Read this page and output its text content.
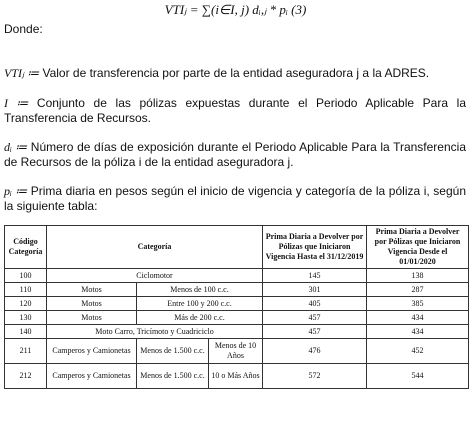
VTIⱼ = ∑(i∈I, j) dᵢ,ⱼ * pᵢ (3)
Donde:
VTIⱼ ≔ Valor de transferencia por parte de la entidad aseguradora j a la ADRES.
I ≔ Conjunto de las pólizas expuestas durante el Periodo Aplicable Para la Transferencia de Recursos.
dᵢ ≔ Número de días de exposición durante el Periodo Aplicable Para la Transferencia de Recursos de la póliza i de la entidad aseguradora j.
pᵢ ≔ Prima diaria en pesos según el inicio de vigencia y categoría de la póliza i, según la siguiente tabla:
Código Categoría	Categoría			Prima Diaria a Devolver por Pólizas que Iniciaron Vigencia Hasta el 31/12/2019	Prima Diaria a Devolver por Pólizas que Iniciaron Vigencia Desde el 01/01/2020
100	Ciclomotor			145	138
110	Motos	Menos de 100 c.c.		301	287
120	Motos	Entre 100 y 200 c.c.		405	385
130	Motos	Más de 200 c.c.		457	434
140	Moto Carro, Tricímoto y Cuadriciclo			457	434
211	Camperos y Camionetas	Menos de 1.500 c.c.	Menos de 10 Años	476	452
212	Camperos y Camionetas	Menos de 1.500 c.c.	10 o Más Años	572	544
